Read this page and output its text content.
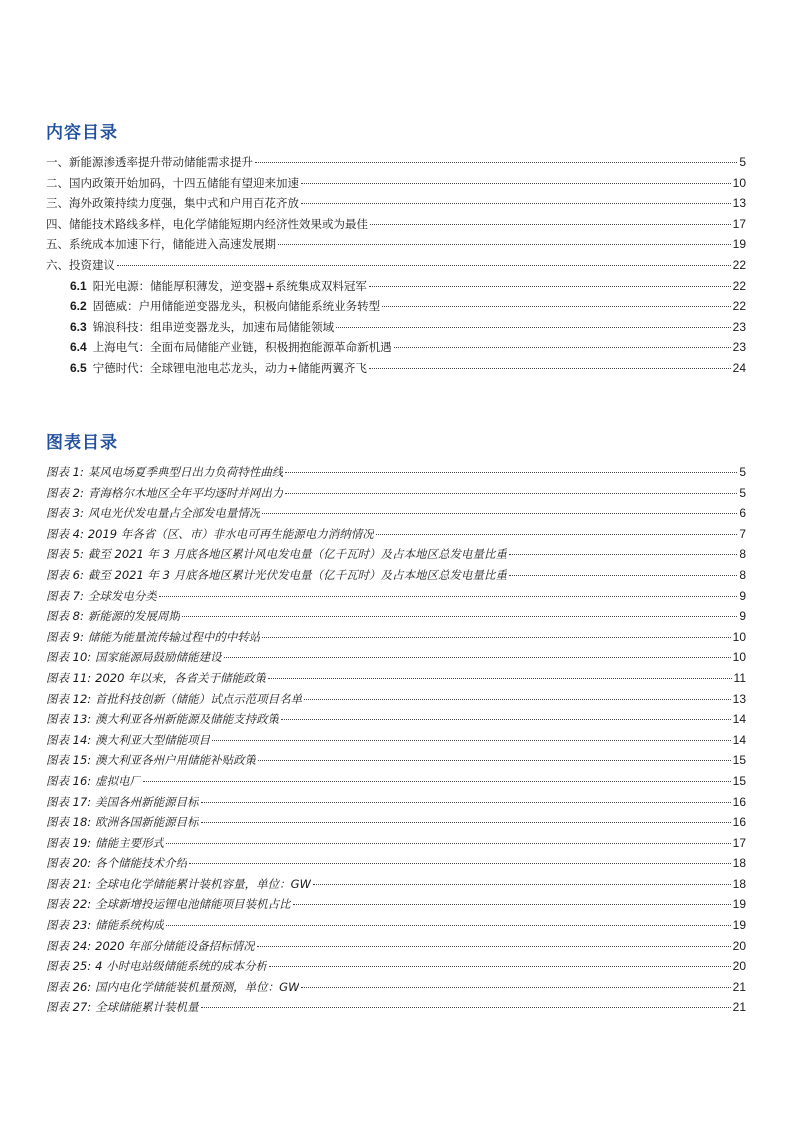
内容目录
一、新能源渗透率提升带动储能需求提升	5
二、国内政策开始加码，十四五储能有望迎来加速	10
三、海外政策持续力度强，集中式和户用百花齐放	13
四、储能技术路线多样，电化学储能短期内经济性效果或为最佳	17
五、系统成本加速下行，储能进入高速发展期	19
六、投资建议	22
6.1 阳光电源：储能厚积薄发，逆变器+系统集成双料冠军	22
6.2 固德威：户用储能逆变器龙头，积极向储能系统业务转型	22
6.3 锦浪科技：组串逆变器龙头，加速布局储能领域	23
6.4 上海电气：全面布局储能产业链，积极拥抱能源革命新机遇	23
6.5 宁德时代：全球锂电池电芯龙头，动力+储能两翼齐飞	24
图表目录
图表 1: 某风电场夏季典型日出力负荷特性曲线	5
图表 2: 青海格尔木地区全年平均逐时并网出力	5
图表 3: 风电光伏发电量占全部发电量情况	6
图表 4: 2019 年各省（区、市）非水电可再生能源电力消纳情况	7
图表 5: 截至 2021 年 3 月底各地区累计风电发电量（亿千瓦时）及占本地区总发电量比重	8
图表 6: 截至 2021 年 3 月底各地区累计光伏发电量（亿千瓦时）及占本地区总发电量比重	8
图表 7: 全球发电分类	9
图表 8: 新能源的发展周期	9
图表 9: 储能为能量流传输过程中的中转站	10
图表 10: 国家能源局鼓励储能建设	10
图表 11: 2020 年以来，各省关于储能政策	11
图表 12: 首批科技创新（储能）试点示范项目名单	13
图表 13: 澳大利亚各州新能源及储能支持政策	14
图表 14: 澳大利亚大型储能项目	14
图表 15: 澳大利亚各州户用储能补贴政策	15
图表 16: 虚拟电厂	15
图表 17: 美国各州新能源目标	16
图表 18: 欧洲各国新能源目标	16
图表 19: 储能主要形式	17
图表 20: 各个储能技术介绍	18
图表 21: 全球电化学储能累计装机容量，单位：GW	18
图表 22: 全球新增投运锂电池储能项目装机占比	19
图表 23: 储能系统构成	19
图表 24: 2020 年部分储能设备招标情况	20
图表 25: 4 小时电站级储能系统的成本分析	20
图表 26: 国内电化学储能装机量预测，单位：GW	21
图表 27: 全球储能累计装机量	21
